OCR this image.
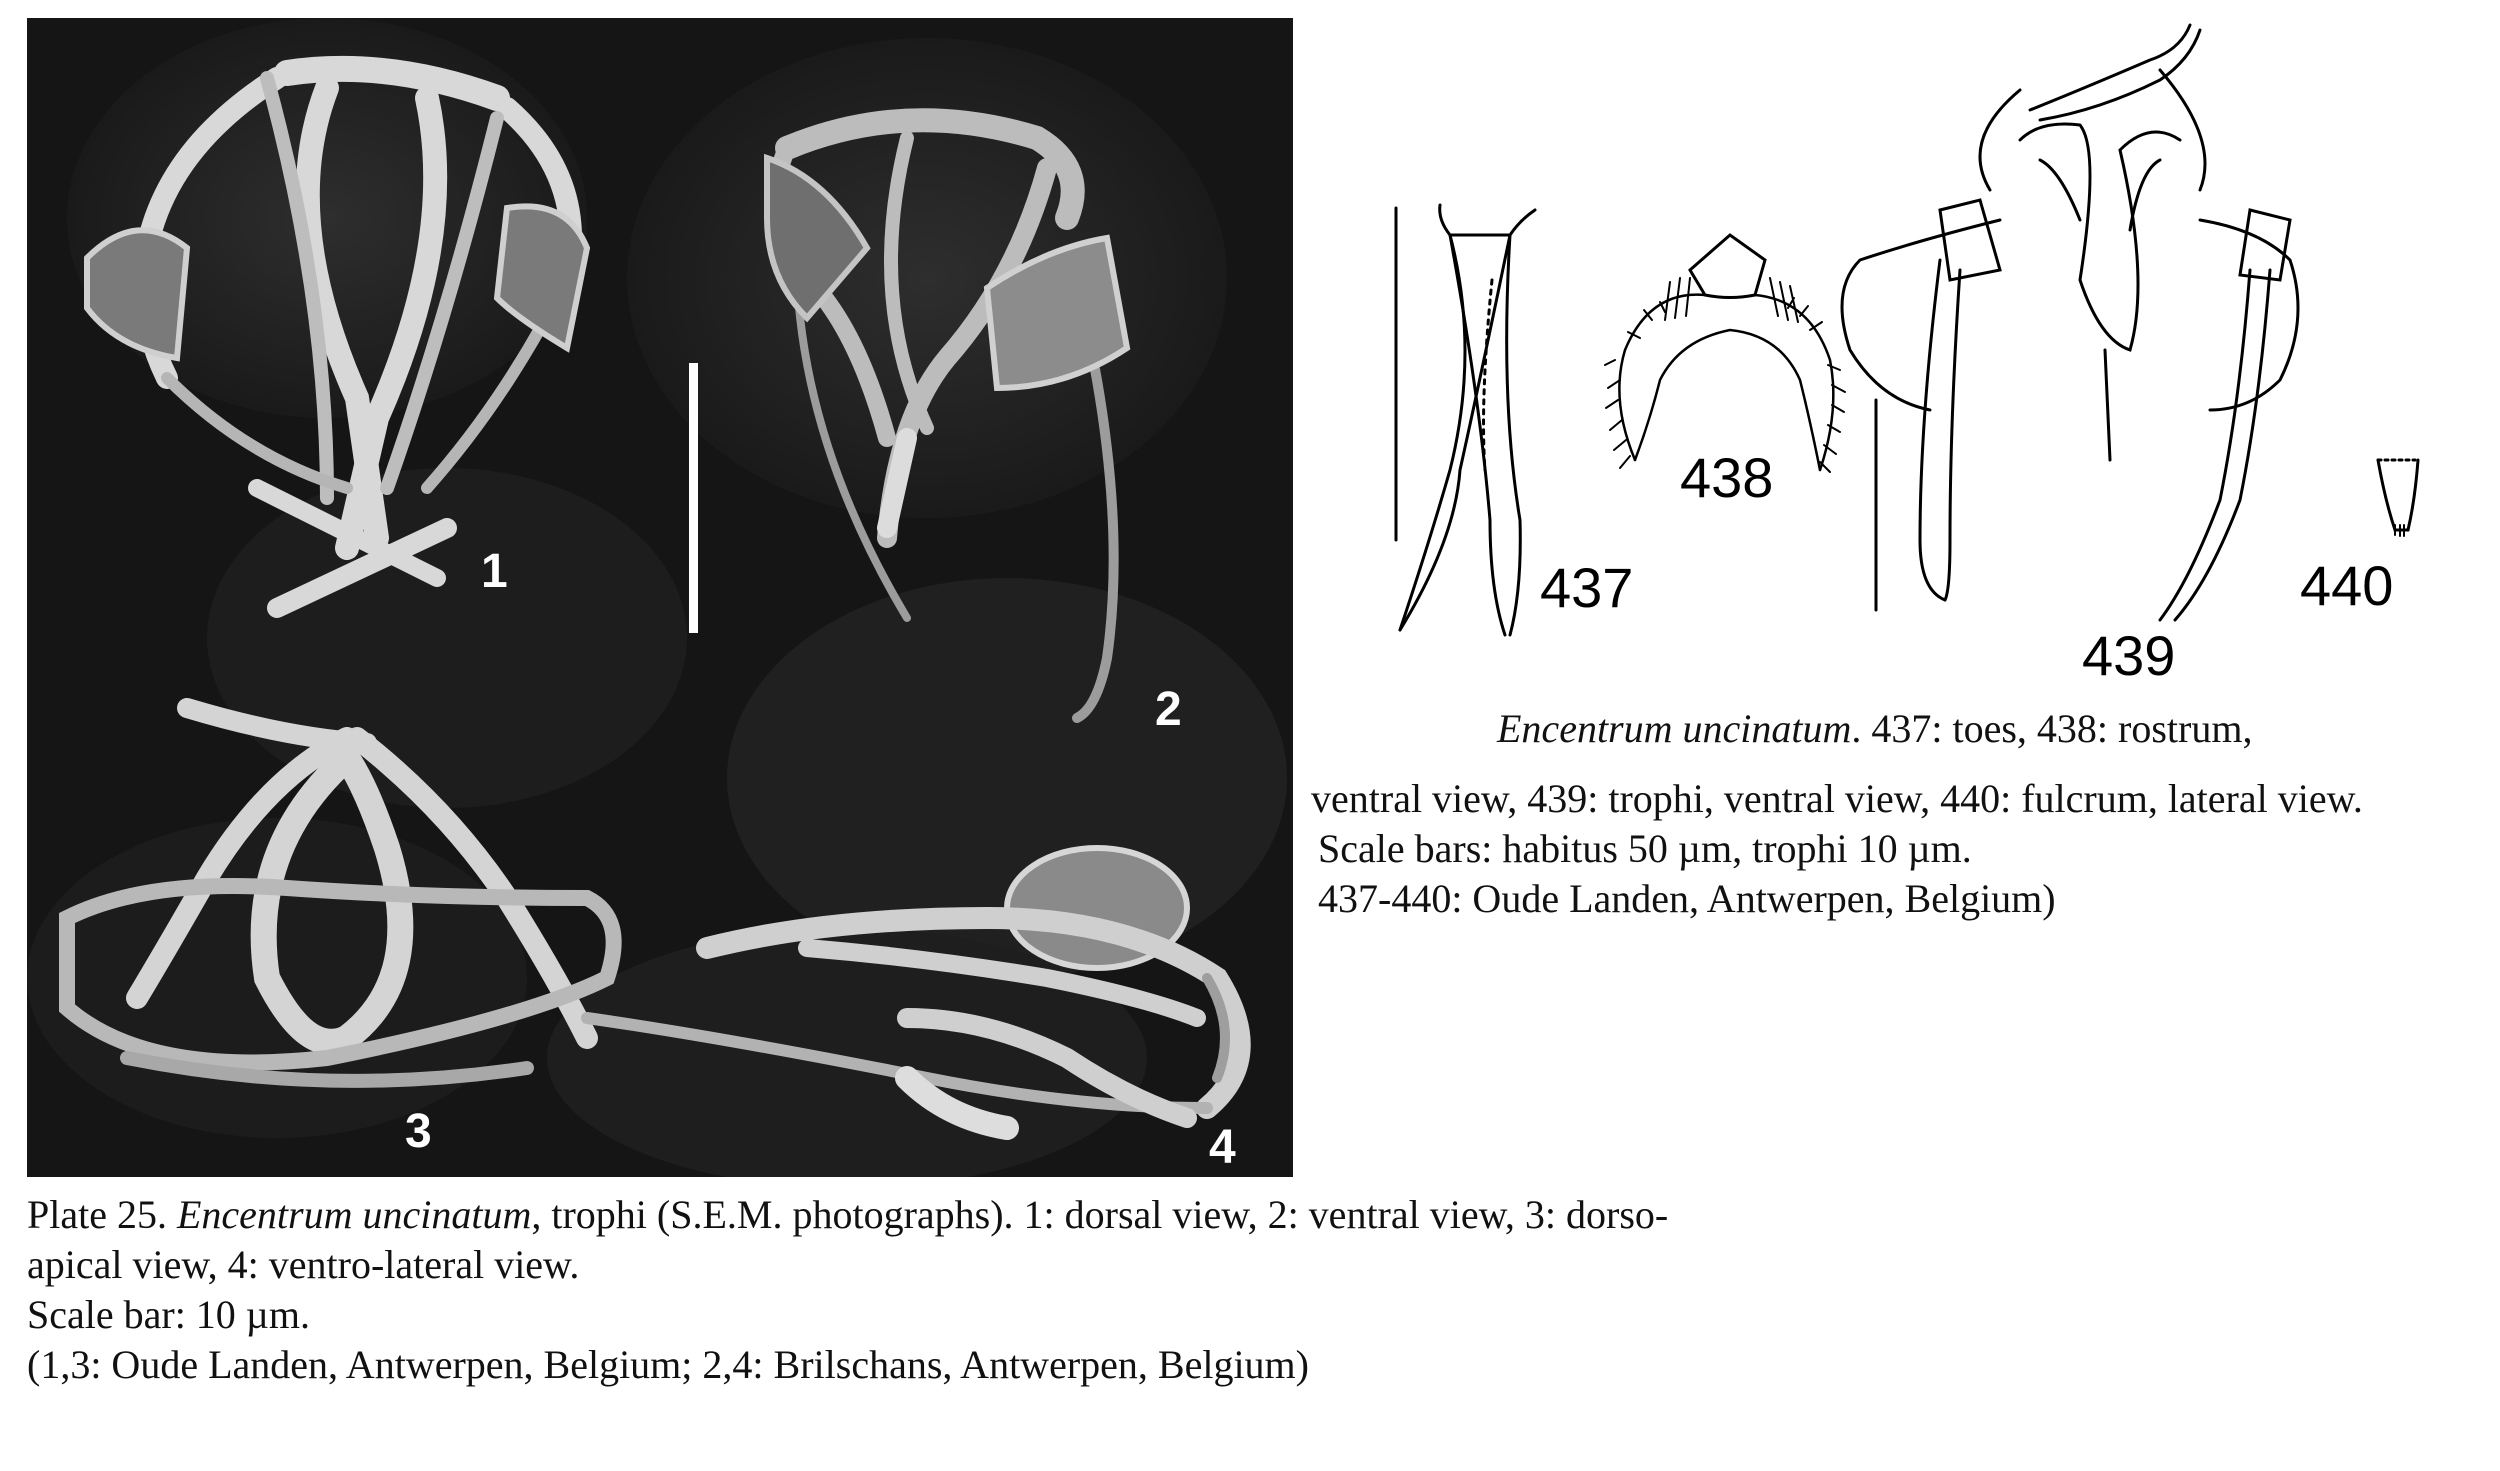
1
2
3	4
437
438
439
440
Encentrum uncinatum. 437: toes, 438: rostrum,
ventral view, 439: trophi, ventral view, 440: fulcrum, lateral view.
Scale bars: habitus 50 µm, trophi 10 µm.
437-440: Oude Landen, Antwerpen, Belgium)
Plate 25. Encentrum uncinatum, trophi (S.E.M. photographs). 1: dorsal view, 2: ventral view, 3: dorso-
apical view, 4: ventro-lateral view.
Scale bar: 10 µm.
(1,3: Oude Landen, Antwerpen, Belgium; 2,4: Brilschans, Antwerpen, Belgium)
